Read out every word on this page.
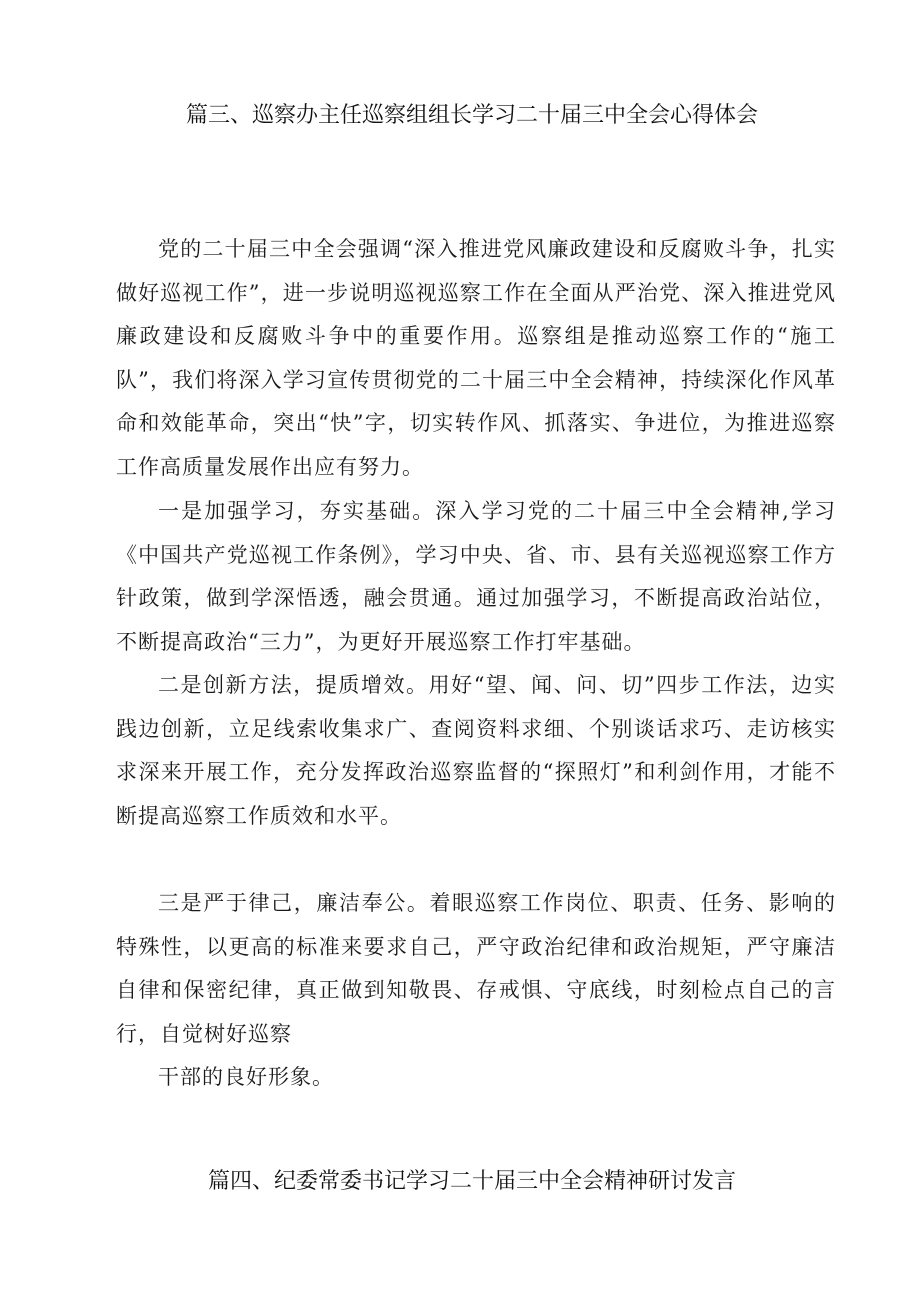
篇三、巡察办主任巡察组组长学习二十届三中全会心得体会

党的二十届三中全会强调“深入推进党风廉政建设和反腐败斗争，扎实做好巡视工作”，进一步说明巡视巡察工作在全面从严治党、深入推进党风廉政建设和反腐败斗争中的重要作用。巡察组是推动巡察工作的“施工队”，我们将深入学习宣传贯彻党的二十届三中全会精神，持续深化作风革命和效能革命，突出“快”字，切实转作风、抓落实、争进位，为推进巡察工作高质量发展作出应有努力。

一是加强学习，夯实基础。深入学习党的二十届三中全会精神,学习《中国共产党巡视工作条例》，学习中央、省、市、县有关巡视巡察工作方针政策，做到学深悟透，融会贯通。通过加强学习，不断提高政治站位，不断提高政治“三力”，为更好开展巡察工作打牢基础。

二是创新方法，提质增效。用好“望、闻、问、切”四步工作法，边实践边创新，立足线索收集求广、查阅资料求细、个别谈话求巧、走访核实求深来开展工作，充分发挥政治巡察监督的“探照灯”和利剑作用，才能不断提高巡察工作质效和水平。

三是严于律己，廉洁奉公。着眼巡察工作岗位、职责、任务、影响的特殊性，以更高的标准来要求自己，严守政治纪律和政治规矩，严守廉洁自律和保密纪律，真正做到知敬畏、存戒惧、守底线，时刻检点自己的言行，自觉树好巡察
干部的良好形象。

篇四、纪委常委书记学习二十届三中全会精神研讨发言
